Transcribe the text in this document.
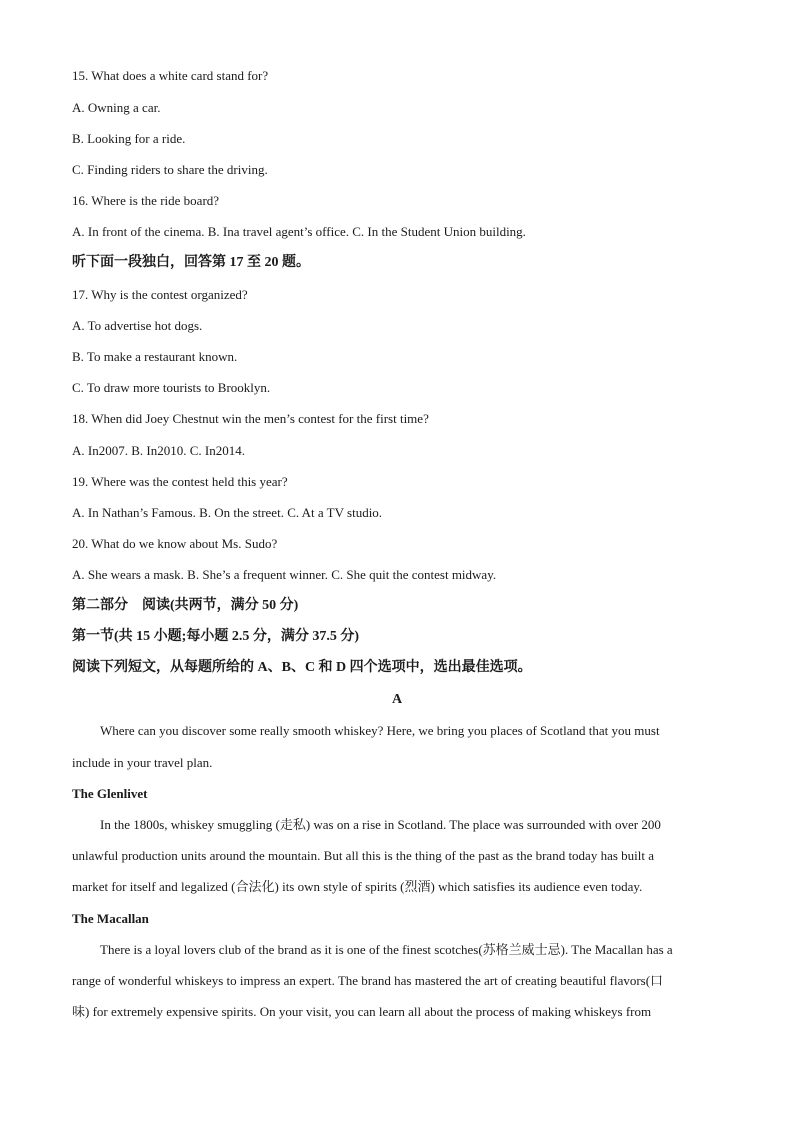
15. What does a white card stand for?
A. Owning a car.
B. Looking for a ride.
C. Finding riders to share the driving.
16. Where is the ride board?
A. In front of the cinema. B. Ina travel agent’s office. C. In the Student Union building.
听下面一段独白，回答第 17 至 20 题。
17. Why is the contest organized?
A. To advertise hot dogs.
B. To make a restaurant known.
C. To draw more tourists to Brooklyn.
18. When did Joey Chestnut win the men’s contest for the first time?
A. In2007. B. In2010. C. In2014.
19. Where was the contest held this year?
A. In Nathan’s Famous. B. On the street. C. At a TV studio.
20. What do we know about Ms. Sudo?
A. She wears a mask. B. She’s a frequent winner. C. She quit the contest midway.
第二部分　阅读(共两节，满分 50 分)
第一节(共 15 小题;每小题 2.5 分，满分 37.5 分)
阅读下列短文，从每题所给的 A、B、C 和 D 四个选项中，选出最佳选项。
A
Where can you discover some really smooth whiskey? Here, we bring you places of Scotland that you must
include in your travel plan.
The Glenlivet
In the 1800s, whiskey smuggling (走私) was on a rise in Scotland. The place was surrounded with over 200
unlawful production units around the mountain. But all this is the thing of the past as the brand today has built a
market for itself and legalized (合法化) its own style of spirits (烈酒) which satisfies its audience even today.
The Macallan
There is a loyal lovers club of the brand as it is one of the finest scotches(苏格兰威士忌). The Macallan has a
range of wonderful whiskeys to impress an expert. The brand has mastered the art of creating beautiful flavors(口
味) for extremely expensive spirits. On your visit, you can learn all about the process of making whiskeys from
